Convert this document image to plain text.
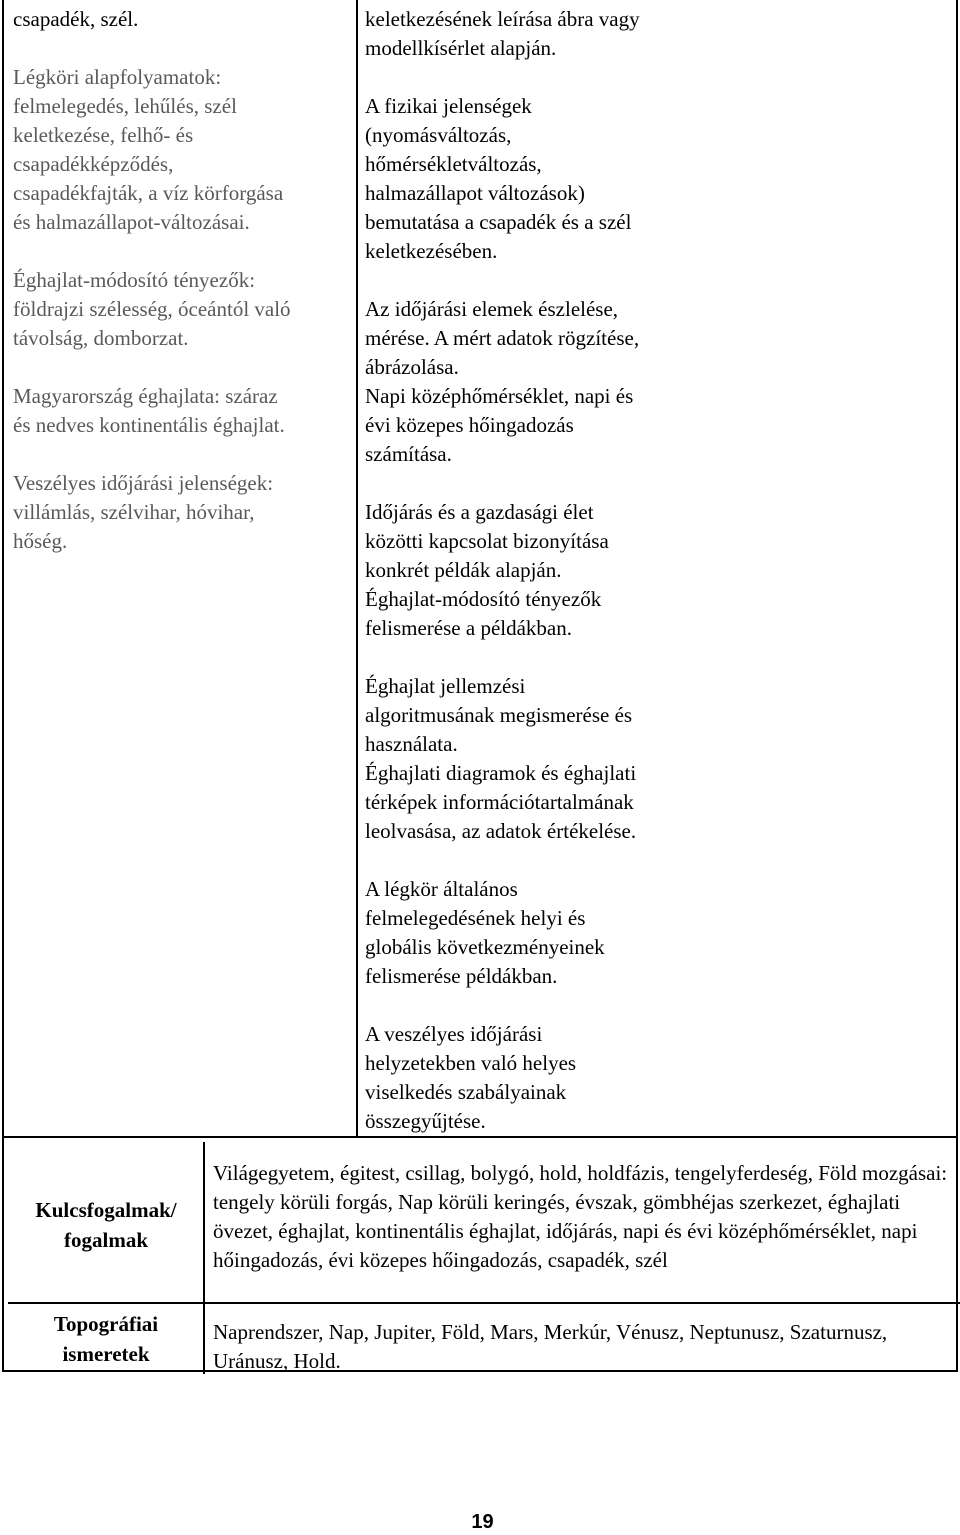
csapadék, szél.

Légköri alapfolyamatok:
felmelegedés, lehűlés, szél
keletkezése, felhő- és
csapadékképződés,
csapadékfajták, a víz körforgása
és halmazállapot-változásai.

Éghajlat-módosító tényezők:
földrajzi szélesség, óceántól való
távolság, domborzat.

Magyarország éghajlata: száraz
és nedves kontinentális éghajlat.

Veszélyes időjárási jelenségek:
villámlás, szélvihar, hóvihar,
hőség.

keletkezésének leírása ábra vagy
modellkísérlet alapján.

A fizikai jelenségek
(nyomásváltozás,
hőmérsékletváltozás,
halmazállapot változások)
bemutatása a csapadék és a szél
keletkezésében.

Az időjárási elemek észlelése,
mérése. A mért adatok rögzítése,
ábrázolása.

Napi középhőmérséklet, napi és
évi közepes hőingadozás
számítása.

Időjárás és a gazdasági élet
közötti kapcsolat bizonyítása
konkrét példák alapján.

Éghajlat-módosító tényezők
felismerése a példákban.

Éghajlat jellemzési
algoritmusának megismerése és
használata.

Éghajlati diagramok és éghajlati
térképek információtartalmának
leolvasása, az adatok értékelése.

A légkör általános
felmelegedésének helyi és
globális következményeinek
felismerése példákban.

A veszélyes időjárási
helyzetekben való helyes
viselkedés szabályainak
összegyűjtése.

Kulcsfogalmak/
fogalmak
Topográfiai
ismeretek
Világegyetem, égitest, csillag, bolygó, hold, holdfázis, tengelyferdeség, Föld mozgásai: tengely körüli forgás, Nap körüli keringés, évszak, gömbhéjas szerkezet, éghajlati övezet, éghajlat, kontinentális éghajlat, időjárás, napi és évi középhőmérséklet, napi hőingadozás, évi közepes hőingadozás, csapadék, szél
Naprendszer, Nap, Jupiter, Föld, Mars, Merkúr, Vénusz, Neptunusz, Szaturnusz, Uránusz, Hold.
19
